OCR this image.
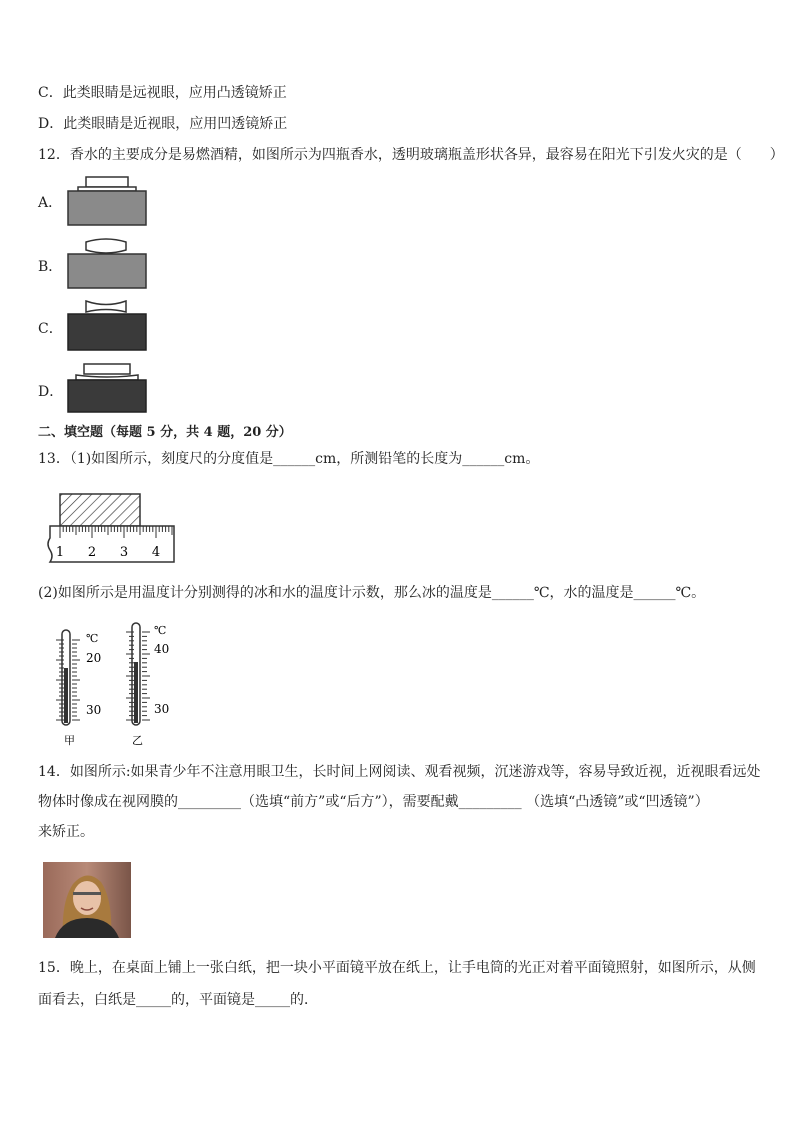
C．此类眼睛是远视眼，应用凸透镜矫正
D．此类眼睛是近视眼，应用凹透镜矫正
12．香水的主要成分是易燃酒精，如图所示为四瓶香水，透明玻璃瓶盖形状各异，最容易在阳光下引发火灾的是（　　）
A．
B．
C．
D．
二、填空题（每题 5 分，共 4 题，20 分）
13．（1)如图所示，刻度尺的分度值是______cm，所测铅笔的长度为______cm。
1 2 3 4
(2)如图所示是用温度计分别测得的冰和水的温度计示数，那么冰的温度是______℃，水的温度是______℃。
℃
20
30
甲
℃
40
30
乙
14．如图所示:如果青少年不注意用眼卫生，长时间上网阅读、观看视频，沉迷游戏等，容易导致近视，近视眼看远处
物体时像成在视网膜的_________（选填“前方”或“后方”），需要配戴_________ （选填“凸透镜”或“凹透镜”）
来矫正。
15．晚上，在桌面上铺上一张白纸，把一块小平面镜平放在纸上，让手电筒的光正对着平面镜照射，如图所示，从侧
面看去，白纸是_____的，平面镜是_____的．
